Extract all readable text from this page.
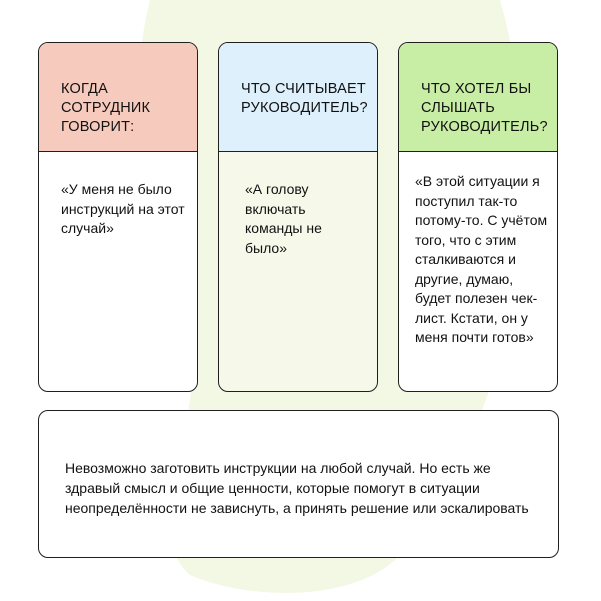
КОГДА СОТРУДНИК ГОВОРИТ:
«У меня не было инструкций на этот случай»
ЧТО СЧИТЫВАЕТ РУКОВОДИТЕЛЬ?
«А голову включать команды не было»
ЧТО ХОТЕЛ БЫ СЛЫШАТЬ РУКОВОДИТЕЛЬ?
«В этой ситуации я поступил так-то потому-то. С учётом того, что с этим сталкиваются и другие, думаю, будет полезен чек-лист. Кстати, он у меня почти готов»
Невозможно заготовить инструкции на любой случай. Но есть же здравый смысл и общие ценности, которые помогут в ситуации неопределённости не зависнуть, а принять решение или эскалировать
